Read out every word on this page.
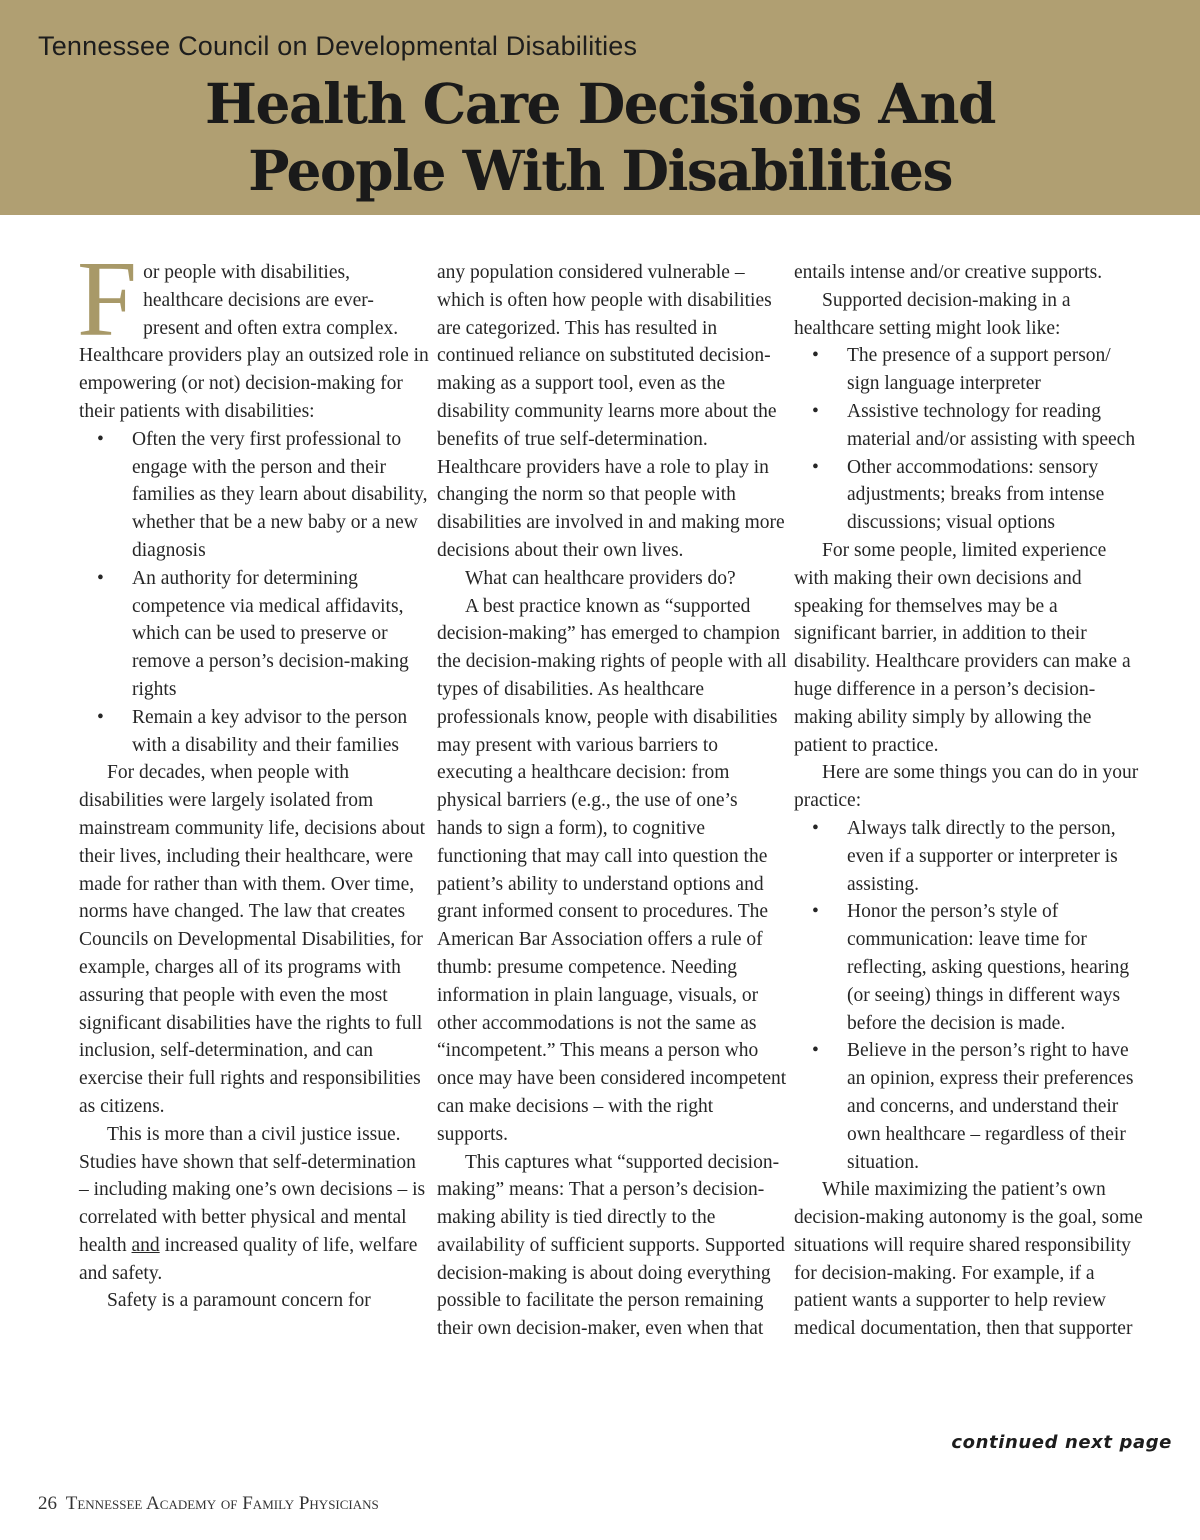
Tennessee Council on Developmental Disabilities
Health Care Decisions And
People With Disabilities

For people with disabilities, healthcare decisions are ever-present and often extra complex. Healthcare providers play an outsized role in empowering (or not) decision-making for their patients with disabilities:

• Often the very first professional to engage with the person and their families as they learn about disability, whether that be a new baby or a new diagnosis
• An authority for determining competence via medical affidavits, which can be used to preserve or remove a person’s decision-making rights
• Remain a key advisor to the person with a disability and their families

For decades, when people with disabilities were largely isolated from mainstream community life, decisions about their lives, including their healthcare, were made for rather than with them. Over time, norms have changed. The law that creates Councils on Developmental Disabilities, for example, charges all of its programs with assuring that people with even the most significant disabilities have the rights to full inclusion, self-determination, and can exercise their full rights and responsibilities as citizens.

This is more than a civil justice issue. Studies have shown that self-determination – including making one’s own decisions – is correlated with better physical and mental health and increased quality of life, welfare and safety.

Safety is a paramount concern for

any population considered vulnerable – which is often how people with disabilities are categorized. This has resulted in continued reliance on substituted decision-making as a support tool, even as the disability community learns more about the benefits of true self-determination. Healthcare providers have a role to play in changing the norm so that people with disabilities are involved in and making more decisions about their own lives.

What can healthcare providers do?

A best practice known as “supported decision-making” has emerged to champion the decision-making rights of people with all types of disabilities. As healthcare professionals know, people with disabilities may present with various barriers to executing a healthcare decision: from physical barriers (e.g., the use of one’s hands to sign a form), to cognitive functioning that may call into question the patient’s ability to understand options and grant informed consent to procedures. The American Bar Association offers a rule of thumb: presume competence. Needing information in plain language, visuals, or other accommodations is not the same as “incompetent.” This means a person who once may have been considered incompetent can make decisions – with the right supports.

This captures what “supported decision-making” means: That a person’s decision-making ability is tied directly to the availability of sufficient supports. Supported decision-making is about doing everything possible to facilitate the person remaining their own decision-maker, even when that

entails intense and/or creative supports.

Supported decision-making in a healthcare setting might look like:

• The presence of a support person/ sign language interpreter
• Assistive technology for reading material and/or assisting with speech
• Other accommodations: sensory adjustments; breaks from intense discussions; visual options

For some people, limited experience with making their own decisions and speaking for themselves may be a significant barrier, in addition to their disability. Healthcare providers can make a huge difference in a person’s decision-making ability simply by allowing the patient to practice.

Here are some things you can do in your practice:

• Always talk directly to the person, even if a supporter or interpreter is assisting.
• Honor the person’s style of communication: leave time for reflecting, asking questions, hearing (or seeing) things in different ways before the decision is made.
• Believe in the person’s right to have an opinion, express their preferences and concerns, and understand their own healthcare – regardless of their situation.

While maximizing the patient’s own decision-making autonomy is the goal, some situations will require shared responsibility for decision-making. For example, if a patient wants a supporter to help review medical documentation, then that supporter

continued next page
26 Tennessee Academy of Family Physicians
